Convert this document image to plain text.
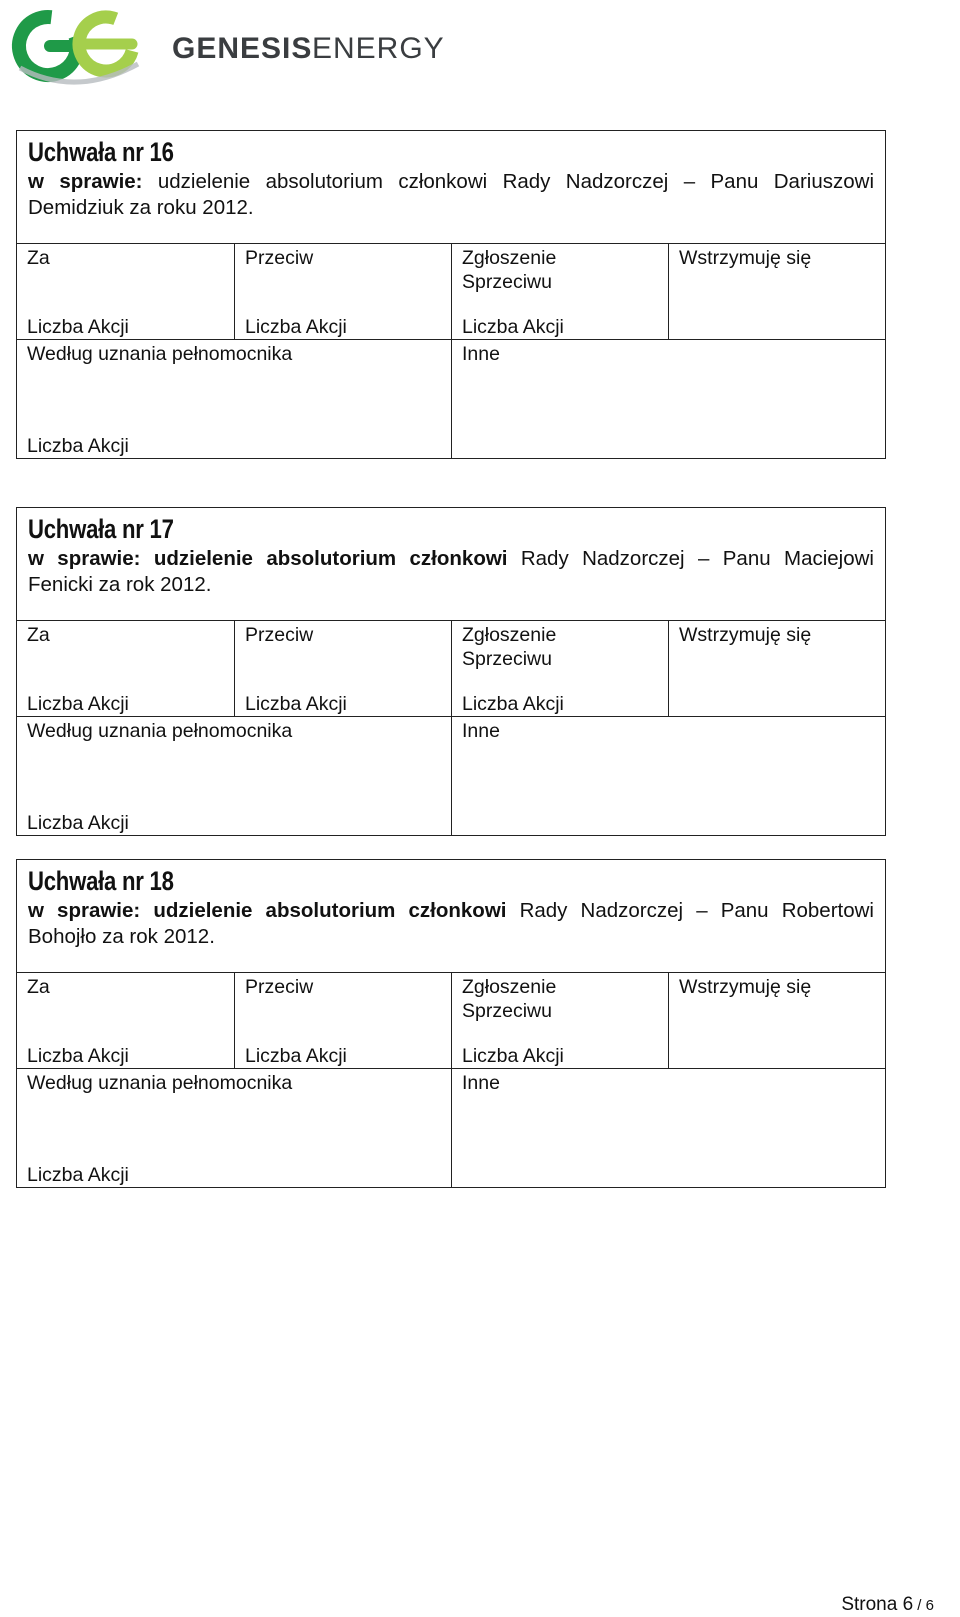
GENESIS ENERGY
Uchwała nr 16
w sprawie: udzielenie absolutorium członkowi Rady Nadzorczej – Panu Dariuszowi Demidziuk za roku 2012.
Za
Liczba Akcji
Przeciw
Liczba Akcji
Zgłoszenie Sprzeciwu
Liczba Akcji
Wstrzymuję się
Według uznania pełnomocnika
Liczba Akcji
Inne
Uchwała nr 17
w sprawie: udzielenie absolutorium członkowi Rady Nadzorczej – Panu Maciejowi Fenicki za rok 2012.
Za
Liczba Akcji
Przeciw
Liczba Akcji
Zgłoszenie Sprzeciwu
Liczba Akcji
Wstrzymuję się
Według uznania pełnomocnika
Liczba Akcji
Inne
Uchwała nr 18
w sprawie: udzielenie absolutorium członkowi Rady Nadzorczej – Panu Robertowi Bohojło za rok 2012.
Za
Liczba Akcji
Przeciw
Liczba Akcji
Zgłoszenie Sprzeciwu
Liczba Akcji
Wstrzymuję się
Według uznania pełnomocnika
Liczba Akcji
Inne
Strona 6 / 6
